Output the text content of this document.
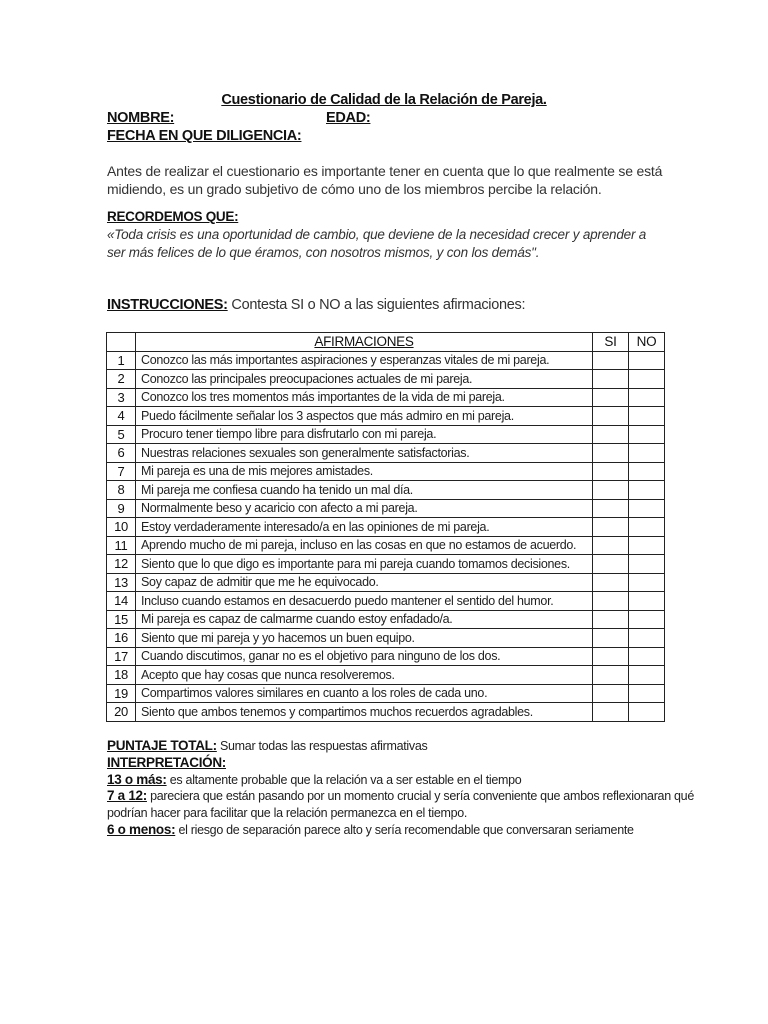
Cuestionario de Calidad de la Relación de Pareja.
NOMBRE:	EDAD:
FECHA EN QUE DILIGENCIA:
Antes de realizar el cuestionario es importante tener en cuenta que lo que realmente se está midiendo, es un grado subjetivo de cómo uno de los miembros percibe la relación.
RECORDEMOS QUE:
«Toda crisis es una oportunidad de cambio, que deviene de la necesidad crecer y aprender a ser más felices de lo que éramos, con nosotros mismos, y con los demás".
INSTRUCCIONES: Contesta SI o NO a las siguientes afirmaciones:
	AFIRMACIONES	SI	NO
1	Conozco las más importantes aspiraciones y esperanzas vitales de mi pareja.		
2	Conozco las principales preocupaciones actuales de mi pareja.		
3	Conozco los tres momentos más importantes de la vida de mi pareja.		
4	Puedo fácilmente señalar los 3 aspectos que más admiro en mi pareja.		
5	Procuro tener tiempo libre para disfrutarlo con mi pareja.		
6	Nuestras relaciones sexuales son generalmente satisfactorias.		
7	Mi pareja es una de mis mejores amistades.		
8	Mi pareja me confiesa cuando ha tenido un mal día.		
9	Normalmente beso y acaricio con afecto a mi pareja.		
10	Estoy verdaderamente interesado/a en las opiniones de mi pareja.		
11	Aprendo mucho de mi pareja, incluso en las cosas en que no estamos de acuerdo.		
12	Siento que lo que digo es importante para mi pareja cuando tomamos decisiones.		
13	Soy capaz de admitir que me he equivocado.		
14	Incluso cuando estamos en desacuerdo puedo mantener el sentido del humor.		
15	Mi pareja es capaz de calmarme cuando estoy enfadado/a.		
16	Siento que mi pareja y yo hacemos un buen equipo.		
17	Cuando discutimos, ganar no es el objetivo para ninguno de los dos.		
18	Acepto que hay cosas que nunca resolveremos.		
19	Compartimos valores similares en cuanto a los roles de cada uno.		
20	Siento que ambos tenemos y compartimos muchos recuerdos agradables.		
PUNTAJE TOTAL: Sumar todas las respuestas afirmativas
INTERPRETACIÓN:
13 o más: es altamente probable que la relación va a ser estable en el tiempo
7 a 12: pareciera que están pasando por un momento crucial y sería conveniente que ambos reflexionaran qué podrían hacer para facilitar que la relación permanezca en el tiempo.
6 o menos: el riesgo de separación parece alto y sería recomendable que conversaran seriamente
